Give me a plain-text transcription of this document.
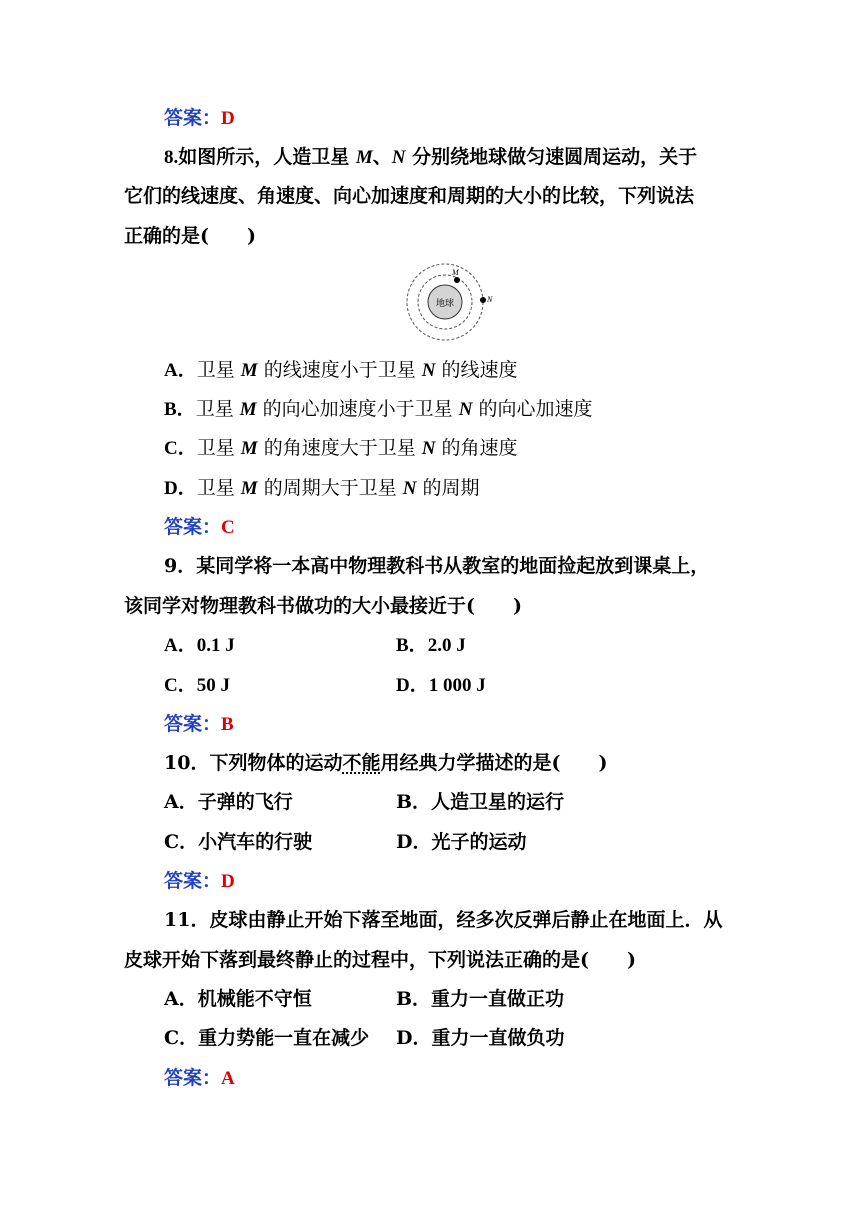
答案：D
8.如图所示，人造卫星 M、N 分别绕地球做匀速圆周运动，关于
它们的线速度、角速度、向心加速度和周期的大小的比较，下列说法
正确的是(　　)
地球
M
N
A．卫星 M 的线速度小于卫星 N 的线速度
B．卫星 M 的向心加速度小于卫星 N 的向心加速度
C．卫星 M 的角速度大于卫星 N 的角速度
D．卫星 M 的周期大于卫星 N 的周期
答案：C
9．某同学将一本高中物理教科书从教室的地面捡起放到课桌上，
该同学对物理教科书做功的大小最接近于(　　)
A．0.1 J	B．2.0 J
C．50 J	D．1 000 J
答案：B
10．下列物体的运动不能用经典力学描述的是(　　)
A．子弹的飞行	B．人造卫星的运行
C．小汽车的行驶	D．光子的运动
答案：D
11．皮球由静止开始下落至地面，经多次反弹后静止在地面上．从
皮球开始下落到最终静止的过程中，下列说法正确的是(　　)
A．机械能不守恒	B．重力一直做正功
C．重力势能一直在减少 D．重力一直做负功
答案：A
